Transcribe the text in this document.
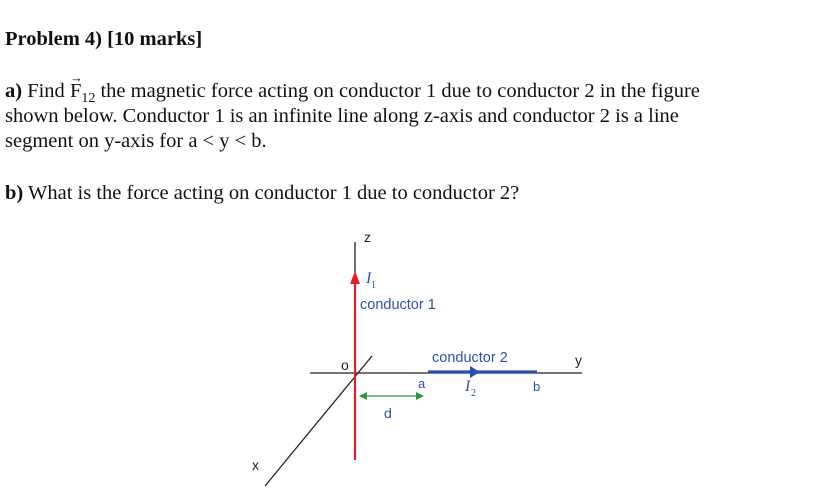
Problem 4) [10 marks]
a) Find
→
$F_{12}$ the magnetic force acting on conductor 1 due to conductor 2 in the figure
shown below. Conductor 1 is an infinite line along z-axis and conductor 2 is a line
segment on y-axis for a < y < b.
b) What is the force acting on conductor 1 due to conductor 2?
z
y
x
o
I 1
conductor 1
conductor 2
a	b
I 2
d
